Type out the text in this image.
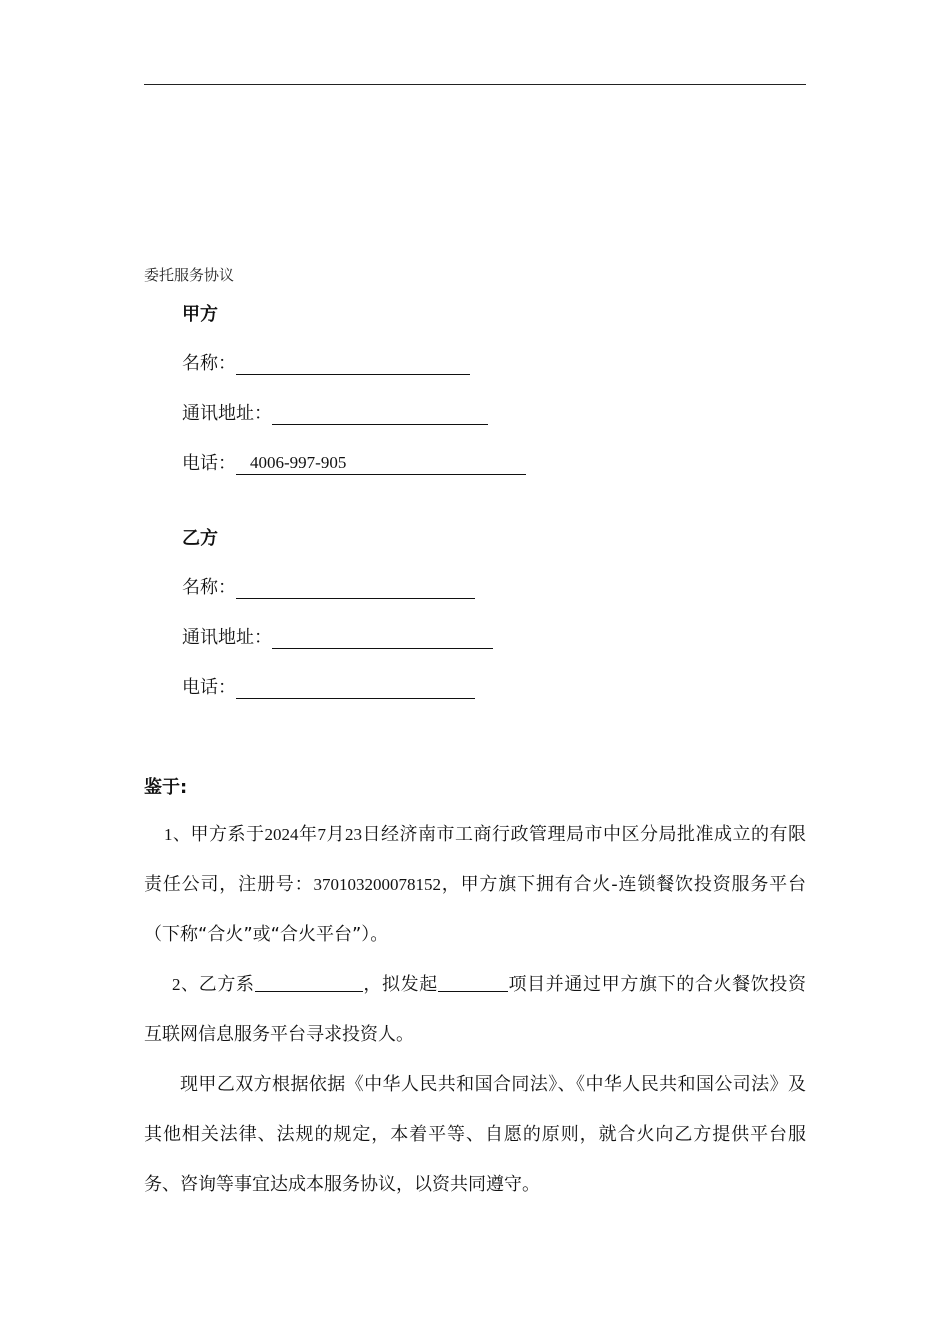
委托服务协议
甲方
名称：
通讯地址：
电话： 4006-997-905
乙方
名称：
通讯地址：
电话：
鉴于:
1、甲方系于2024年7月23日经济南市工商行政管理局市中区分局批准成立的有限责任公司，注册号：370103200078152，甲方旗下拥有合火-连锁餐饮投资服务平台（下称“合火”或“合火平台”）。
2、乙方系	，拟发起	项目并通过甲方旗下的合火餐饮投资互联网信息服务平台寻求投资人。
现甲乙双方根据依据《中华人民共和国合同法》、《中华人民共和国公司法》及其他相关法律、法规的规定，本着平等、自愿的原则，就合火向乙方提供平台服务、咨询等事宜达成本服务协议，以资共同遵守。
